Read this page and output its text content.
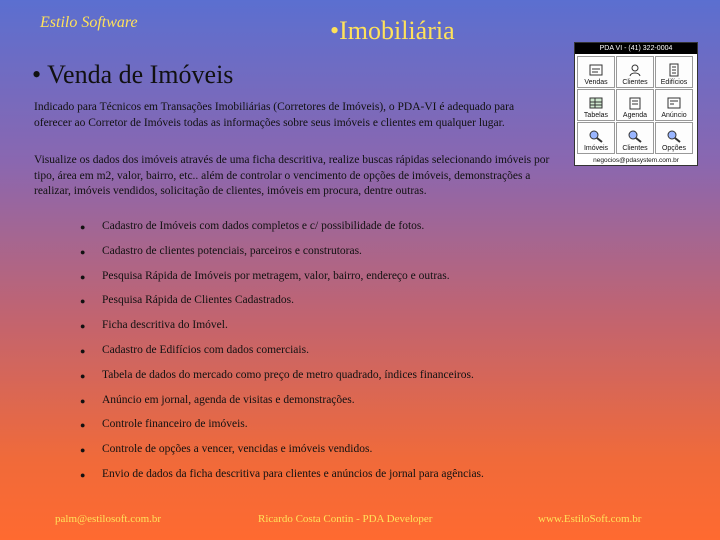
Estilo Software	•Imobiliária
• Venda de Imóveis
Indicado para Técnicos em Transações Imobiliárias (Corretores de Imóveis), o PDA-VI é adequado para oferecer ao Corretor de Imóveis todas as informações sobre seus imóveis e clientes em qualquer lugar.
Visualize os dados dos imóveis através de uma ficha descritiva, realize buscas rápidas selecionando imóveis por tipo, área em m2, valor, bairro, etc.. além de controlar o vencimento de opções de imóveis, demonstrações a realizar, imóveis vendidos, solicitação de clientes, imóveis em procura, dentre outras.
●	Cadastro de Imóveis com dados completos e c/ possibilidade de fotos.
●	Cadastro de clientes potenciais, parceiros e construtoras.
●	Pesquisa Rápida de Imóveis por metragem, valor, bairro, endereço e outras.
●	Pesquisa Rápida de Clientes Cadastrados.
●	Ficha descritiva do Imóvel.
●	Cadastro de Edifícios com dados comerciais.
●	Tabela de dados do mercado como preço de metro quadrado, índices financeiros.
●	Anúncio em jornal, agenda de visitas e demonstrações.
●	Controle financeiro de imóveis.
●	Controle de opções a vencer, vencidas e imóveis vendidos.
●	Envio de dados da ficha descritiva para clientes e anúncios de jornal para agências.
PDA VI - (41) 322-0004
Vendas Clientes Edifícios
Tabelas Agenda Anúncio
Imóveis Clientes Opções
negocios@pdasystem.com.br
palm@estilosoft.com.br	Ricardo Costa Contin - PDA Developer	www.EstiloSoft.com.br
